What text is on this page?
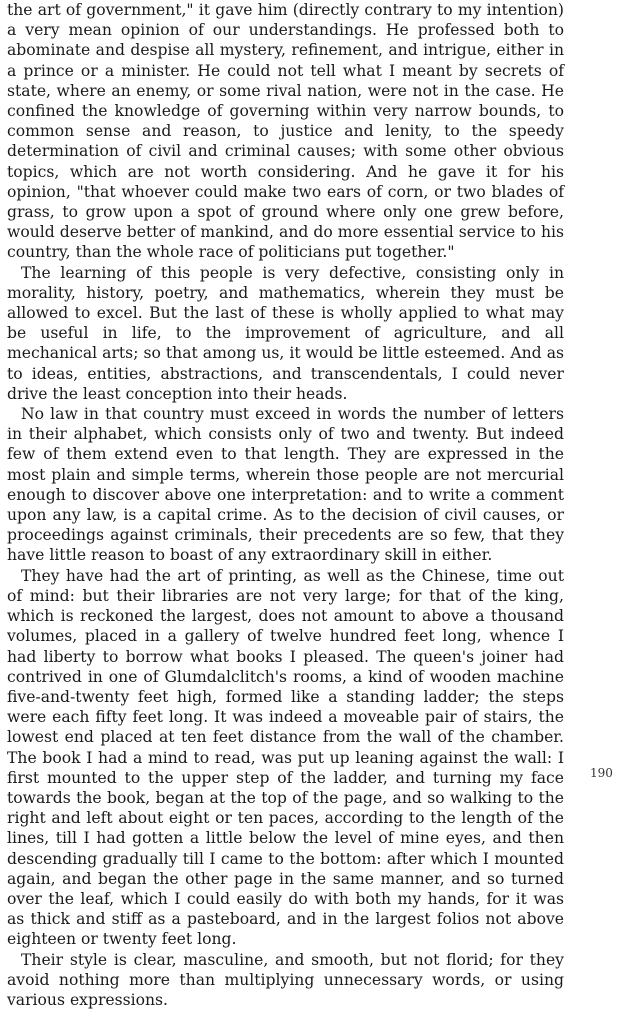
the art of government," it gave him (directly contrary to my intention) a very mean opinion of our understandings. He professed both to abominate and despise all mystery, refinement, and intrigue, either in a prince or a minister. He could not tell what I meant by secrets of state, where an enemy, or some rival nation, were not in the case. He confined the knowledge of governing within very narrow bounds, to common sense and reason, to justice and lenity, to the speedy determination of civil and criminal causes; with some other obvious topics, which are not worth considering. And he gave it for his opinion, "that whoever could make two ears of corn, or two blades of grass, to grow upon a spot of ground where only one grew before, would deserve better of mankind, and do more essential service to his country, than the whole race of politicians put together."

The learning of this people is very defective, consisting only in morality, history, poetry, and mathematics, wherein they must be allowed to excel. But the last of these is wholly applied to what may be useful in life, to the improvement of agriculture, and all mechanical arts; so that among us, it would be little esteemed. And as to ideas, entities, abstractions, and transcendentals, I could never drive the least conception into their heads.

No law in that country must exceed in words the number of letters in their alphabet, which consists only of two and twenty. But indeed few of them extend even to that length. They are expressed in the most plain and simple terms, wherein those people are not mercurial enough to discover above one interpretation: and to write a comment upon any law, is a capital crime. As to the decision of civil causes, or proceedings against criminals, their precedents are so few, that they have little reason to boast of any extraordinary skill in either.

They have had the art of printing, as well as the Chinese, time out of mind: but their libraries are not very large; for that of the king, which is reckoned the largest, does not amount to above a thousand volumes, placed in a gallery of twelve hundred feet long, whence I had liberty to borrow what books I pleased. The queen's joiner had contrived in one of Glumdalclitch's rooms, a kind of wooden machine five-and-twenty feet high, formed like a standing ladder; the steps were each fifty feet long. It was indeed a moveable pair of stairs, the lowest end placed at ten feet distance from the wall of the chamber. The book I had a mind to read, was put up leaning against the wall: I first mounted to the upper step of the ladder, and turning my face towards the book, began at the top of the page, and so walking to the right and left about eight or ten paces, according to the length of the lines, till I had gotten a little below the level of mine eyes, and then descending gradually till I came to the bottom: after which I mounted again, and began the other page in the same manner, and so turned over the leaf, which I could easily do with both my hands, for it was as thick and stiff as a pasteboard, and in the largest folios not above eighteen or twenty feet long.

Their style is clear, masculine, and smooth, but not florid; for they avoid nothing more than multiplying unnecessary words, or using various expressions.

190
